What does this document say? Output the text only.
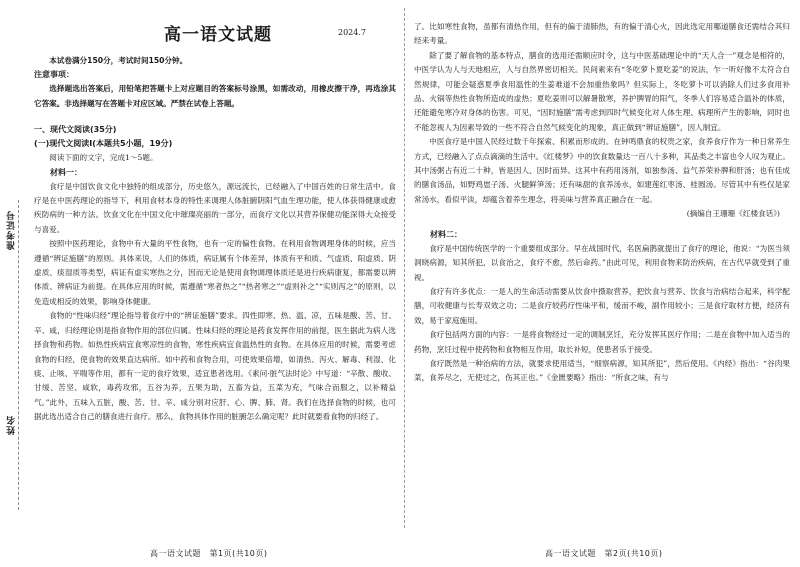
准考证号
姓名
高一语文试题	2024.7

本试卷满分150分，考试时间150分钟。

注意事项：

选择题选出答案后，用铅笔把答题卡上对应题目的答案标号涂黑，如需改动，用橡皮擦干净，再选涂其它答案。非选择题写在答题卡对应区域。严禁在试卷上答题。

一、现代文阅读(35分)

(一)现代文阅读Ⅰ(本题共5小题，19分)

阅读下面的文字，完成1～5题。

材料一：

食疗是中国饮食文化中独特的组成部分，历史悠久，源远流长，已经融入了中国百姓的日常生活中。食疗是在中医药理论的指导下，利用食材本身的特性来调理人体脏腑阴阳气血生理功能，使人体获得健康或愈疾防病的一种方法。饮食文化在中国文化中璀璨亮丽的一部分，而食疗文化以其营养保健功能深得大众接受与喜爱。

按照中医药理论，食物中有大量的平性食物，也有一定的偏性食物。在利用食物调理身体的时候，应当遵循“辨证施膳”的原则。具体来说，人们的体质，病证属有个体差异，体质有平和质、气虚质、阳虚质、阴虚质、痰湿质等类型，病证有虚实寒热之分，因而无论是使用食物调理体质还是进行疾病康复，都需要以辨体质、辨病证为前提。在具体应用的时候，需遵循“寒者热之”“热者寒之”“虚则补之”“实则泻之”的原则，以免造成相反的效果，影响身体健康。

食物的“性味归经”理论指导着食疗中的“辨证施膳”要求。四性即寒、热、温、凉，五味是酸、苦、甘、辛、咸，归经理论则是指食物作用的部位归属。性味归经的理论是药食发挥作用的前提，医生据此为病人选择食物和药物。如热性疾病宜食寒凉性的食物，寒性疾病宜食温热性的食物。在具体应用的时候，需要考虑食物的归经，使食物的效果直达病所。如中药和食物合用，可使效果倍增，如清热、泻火、解毒、利湿、化痰、止咳、平喘等作用，都有一定的食疗效果，适宜患者选用。《素问·脏气法时论》中写道：“辛散、酸收、甘缓、苦坚、咸软，毒药攻邪，五谷为养，五果为助，五畜为益，五菜为充，气味合而服之，以补精益气。”此外，五味入五脏，酸、苦、甘、辛、咸分别对应肝、心、脾、肺、肾。我们在选择食物的时候，也可据此选出适合自己的膳食进行食疗。那么，食物具体作用的脏腑怎么确定呢？此时就要看食物的归经了。

高一语文试题　第1页(共10页)

了。比如寒性食物，虽都有清热作用，但有的偏于清肺热，有的偏于清心火，因此选定用哪道膳食还需结合其归经来考量。

除了要了解食物的基本特点，膳食的选用还需顺应时令，这与中医基础理论中的“天人合一”观念是相符的，中医学认为人与天地相应，人与自然界密切相关。民间素来有“冬吃萝卜夏吃姜”的说法，乍一听好像不太符合自然规律，可能会疑惑夏季食用温性的生姜难道不会加重热象吗？但实际上，冬吃萝卜可以消除人们过多食用补品、火锅等热性食物所造成的虚热；夏吃姜则可以解暑散寒，养护脾胃的阳气，冬季人们容易适合温补的体质，还能避免寒冷对身体的伤害。可见，“因时施膳”需考虑到四时气候变化对人体生理、病理所产生的影响，同时也不能忽视人为因素导致的一些不符合自然气候变化的现象，真正做到“辨证施膳”，因人制宜。

中医食疗是中国人民经过数千年探索、积累而形成的。在钟鸣鼎食的权贵之家，食养食疗作为一种日常养生方式，已经融入了点点滴滴的生活中。《红楼梦》中的饮食数量达一百八十多种，其品类之丰富也令人叹为观止。其中汤粥占有近二十种，皆是因人、因时而异。这其中有药用汤剂，如独参汤、益气养荣补脾和肝汤；也有佳成的膳食汤品，如野鸡崽子汤、火腿鲜笋汤；还有味甜的食养汤水，如建莲红枣汤、桂圆汤。尽管其中有些仅是家常汤水，看似平淡，却蕴含着养生理念，将美味与营养真正融合在一起。

(摘编自王珊珊《红楼食话》)

材料二：

食疗是中国传统医学的一个重要组成部分。早在战国时代，名医扁鹊就提出了食疗的理论，他说：“为医当须洞晓病源，知其所犯，以食治之，食疗不愈，然后命药。”由此可见，利用食物来防治疾病，在古代早就受到了重视。

食疗有许多优点：一是人的生命活动需要从饮食中摄取营养，把饮食与营养、饮食与治病结合起来，科学配膳，可收健康与长寿双效之功；二是食疗较药疗性味平和，缓而不峻，副作用较小；三是食疗取材方便，经济有效，易于家庭施用。

食疗包括两方面的内容：一是将食物经过一定的调制烹饪，充分发挥其医疗作用；二是在食物中加入适当的药物，烹饪过程中使药物和食物相互作用，取长补短，使患者乐于接受。

食疗既然是一种治病的方法，就要求使用适当，“细察病源，知其所犯”，然后使用。《内经》指出：“谷肉果菜，食养尽之，无使过之，伤其正也。”《金匮要略》指出：“所食之味，有与

高一语文试题　第2页(共10页)
